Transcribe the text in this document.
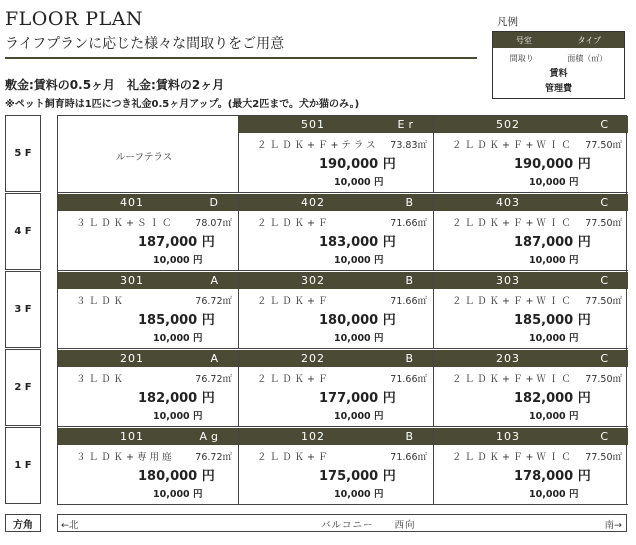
FLOOR PLAN
ライフプランに応じた様々な間取りをご用意
凡例
号室	タイプ
間取り	面積（㎡）
賃料
管理費
敷金:賃料の0.5ヶ月　礼金:賃料の2ヶ月
※ペット飼育時は1匹につき礼金0.5ヶ月アップ。(最大2匹まで。犬か猫のみ。)
5 F
4 F
3 F
2 F
1 F
ルーフテラス
501	Er
２ＬＤＫ+Ｆ+テラス 73.83㎡
190,000 円
10,000 円
502	C
２ＬＤＫ+Ｆ+ＷＩＣ 77.50㎡
190,000 円
10,000 円
401	D
３ＬＤＫ+ＳＩＣ 78.07㎡
187,000 円
10,000 円
402	B
２ＬＤＫ+Ｆ	71.66㎡
183,000 円
10,000 円
403	C
２ＬＤＫ+Ｆ+ＷＩＣ 77.50㎡
187,000 円
10,000 円
301	A
３ＬＤＫ	76.72㎡
185,000 円
10,000 円
302	B
２ＬＤＫ+Ｆ	71.66㎡
180,000 円
10,000 円
303	C
２ＬＤＫ+Ｆ+ＷＩＣ 77.50㎡
185,000 円
10,000 円
201	A
３ＬＤＫ	76.72㎡
182,000 円
10,000 円
202	B
２ＬＤＫ+Ｆ	71.66㎡
177,000 円
10,000 円
203	C
２ＬＤＫ+Ｆ+ＷＩＣ 77.50㎡
182,000 円
10,000 円
101	Ag
３ＬＤＫ+専用庭 76.72㎡
180,000 円
10,000 円
102	B
２ＬＤＫ+Ｆ	71.66㎡
175,000 円
10,000 円
103	C
２ＬＤＫ+Ｆ+ＷＩＣ 77.50㎡
178,000 円
10,000 円
方角	←北	バルコニー　　西向	南→
